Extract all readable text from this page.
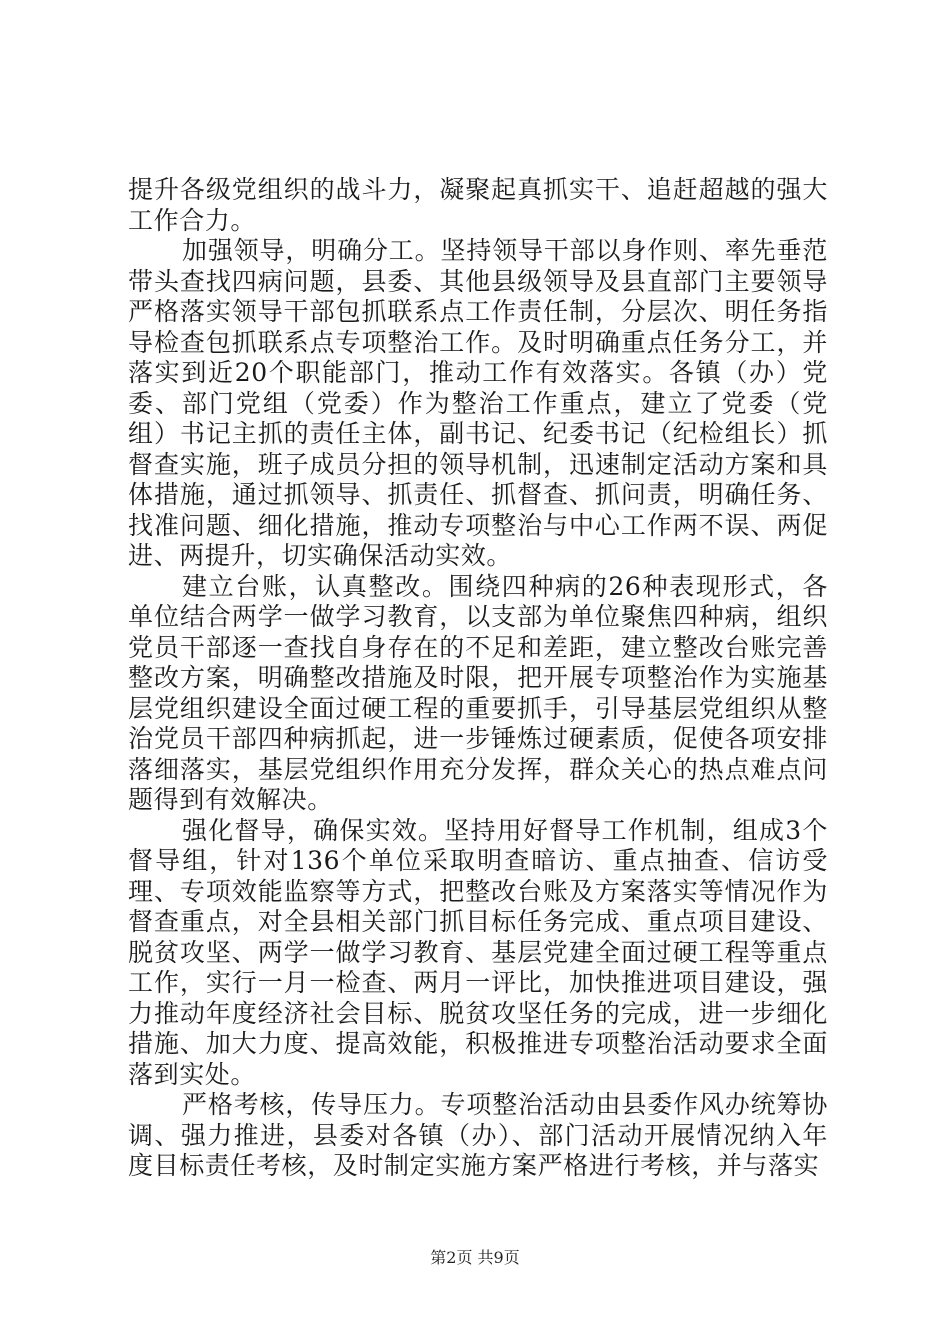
提升各级党组织的战斗力，凝聚起真抓实干、追赶超越的强大工作合力。

加强领导，明确分工。坚持领导干部以身作则、率先垂范带头查找四病问题，县委、其他县级领导及县直部门主要领导严格落实领导干部包抓联系点工作责任制，分层次、明任务指导检查包抓联系点专项整治工作。及时明确重点任务分工，并落实到近20个职能部门，推动工作有效落实。各镇（办）党委、部门党组（党委）作为整治工作重点，建立了党委（党组）书记主抓的责任主体，副书记、纪委书记（纪检组长）抓督查实施，班子成员分担的领导机制，迅速制定活动方案和具体措施，通过抓领导、抓责任、抓督查、抓问责，明确任务、找准问题、细化措施，推动专项整治与中心工作两不误、两促进、两提升，切实确保活动实效。

建立台账，认真整改。围绕四种病的26种表现形式，各单位结合两学一做学习教育，以支部为单位聚焦四种病，组织党员干部逐一查找自身存在的不足和差距，建立整改台账完善整改方案，明确整改措施及时限，把开展专项整治作为实施基层党组织建设全面过硬工程的重要抓手，引导基层党组织从整治党员干部四种病抓起，进一步锤炼过硬素质，促使各项安排落细落实，基层党组织作用充分发挥，群众关心的热点难点问题得到有效解决。

强化督导，确保实效。坚持用好督导工作机制，组成3个督导组，针对136个单位采取明查暗访、重点抽查、信访受理、专项效能监察等方式，把整改台账及方案落实等情况作为督查重点，对全县相关部门抓目标任务完成、重点项目建设、脱贫攻坚、两学一做学习教育、基层党建全面过硬工程等重点工作，实行一月一检查、两月一评比，加快推进项目建设，强力推动年度经济社会目标、脱贫攻坚任务的完成，进一步细化措施、加大力度、提高效能，积极推进专项整治活动要求全面落到实处。

严格考核，传导压力。专项整治活动由县委作风办统筹协调、强力推进，县委对各镇（办）、部门活动开展情况纳入年度目标责任考核，及时制定实施方案严格进行考核，并与落实

第2页 共9页
